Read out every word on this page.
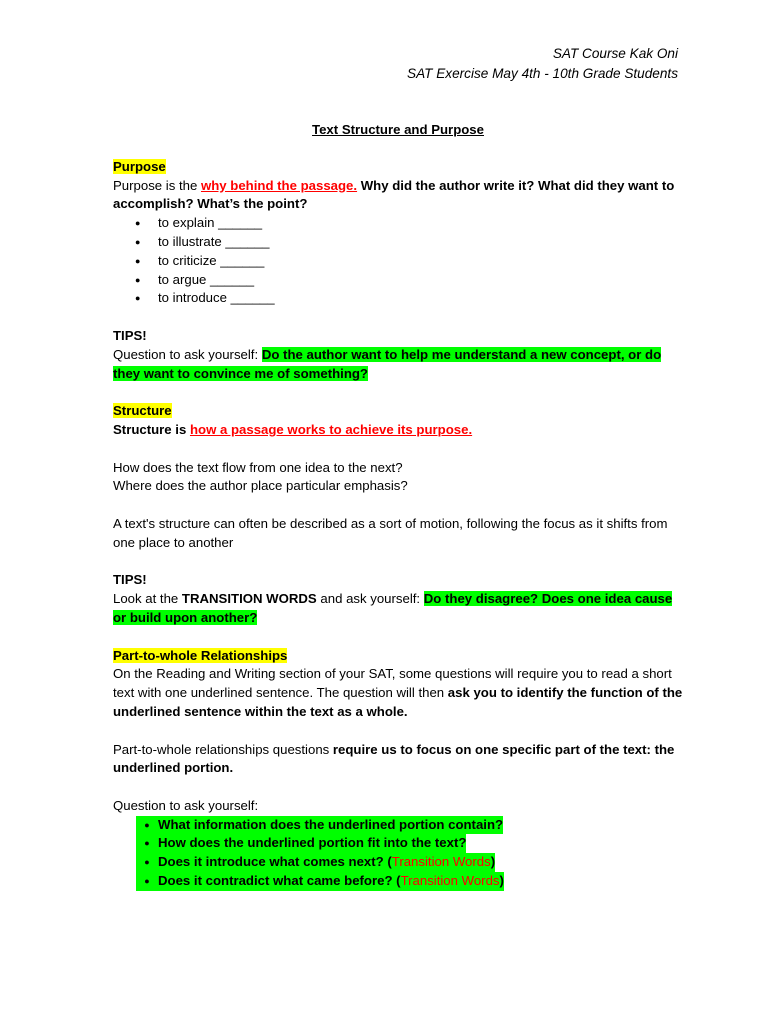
SAT Course Kak Oni
SAT Exercise May 4th - 10th Grade Students

Text Structure and Purpose

Purpose

Purpose is the why behind the passage. Why did the author write it? What did they want to accomplish? What’s the point?

● to explain ______
● to illustrate ______
● to criticize ______
● to argue ______
● to introduce ______

TIPS!

Question to ask yourself: Do the author want to help me understand a new concept, or do they want to convince me of something?

Structure

Structure is how a passage works to achieve its purpose.

How does the text flow from one idea to the next?

Where does the author place particular emphasis?

A text's structure can often be described as a sort of motion, following the focus as it shifts from one place to another

TIPS!

Look at the TRANSITION WORDS and ask yourself: Do they disagree? Does one idea cause or build upon another?

Part-to-whole Relationships

On the Reading and Writing section of your SAT, some questions will require you to read a short text with one underlined sentence. The question will then ask you to identify the function of the underlined sentence within the text as a whole.

Part-to-whole relationships questions require us to focus on one specific part of the text: the underlined portion.

Question to ask yourself:

● What information does the underlined portion contain?
● How does the underlined portion fit into the text?
● Does it introduce what comes next? (Transition Words)
● Does it contradict what came before? (Transition Words)
